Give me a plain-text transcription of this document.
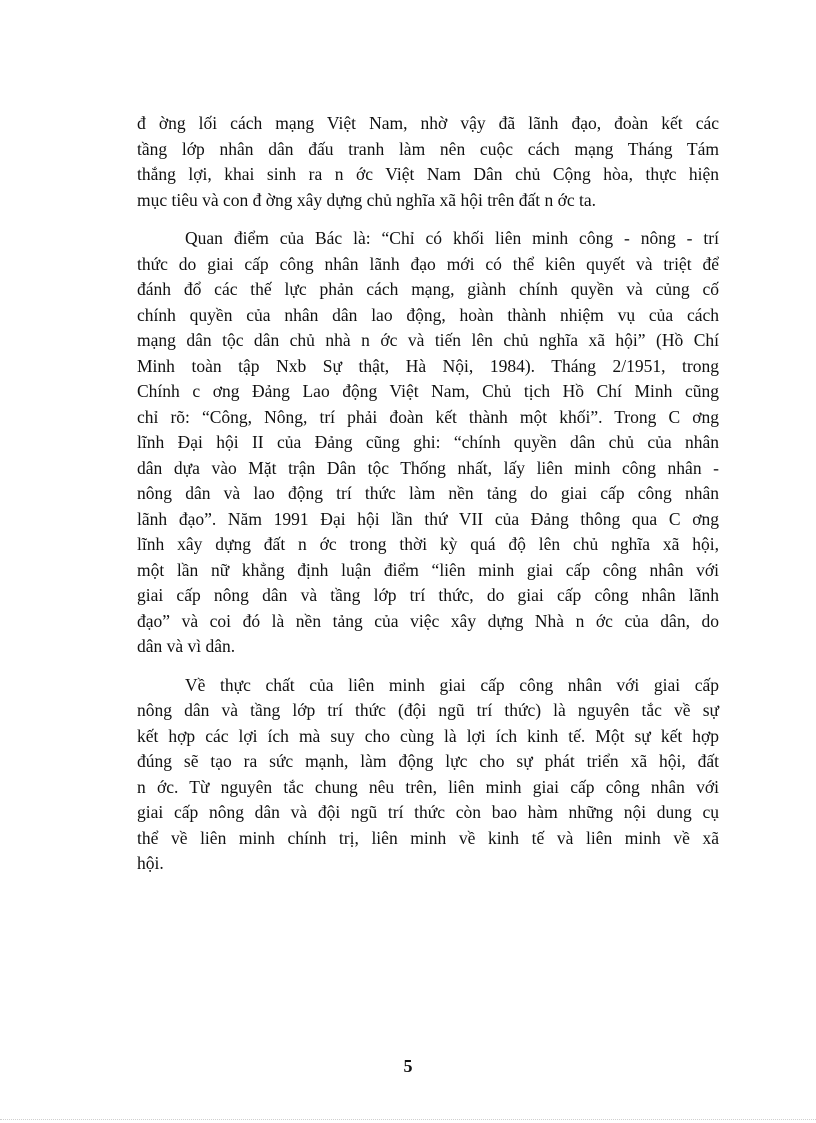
đ ờng lối cách mạng Việt Nam, nhờ vậy đã lãnh đạo, đoàn kết các
tầng lớp nhân dân đấu tranh làm nên cuộc cách mạng Tháng Tám
thắng lợi, khai sinh ra n ớc Việt Nam Dân chủ Cộng hòa, thực hiện
mục tiêu và con đ ờng xây dựng chủ nghĩa xã hội trên đất n ớc ta.
Quan điểm của Bác là: “Chỉ có khối liên minh công - nông - trí
thức do giai cấp công nhân lãnh đạo mới có thể kiên quyết và triệt để
đánh đổ các thế lực phản cách mạng, giành chính quyền và củng cố
chính quyền của nhân dân lao động, hoàn thành nhiệm vụ của cách
mạng dân tộc dân chủ nhà n ớc và tiến lên chủ nghĩa xã hội” (Hồ Chí
Minh toàn tập Nxb Sự thật, Hà Nội, 1984). Tháng 2/1951, trong
Chính c ơng Đảng Lao động Việt Nam, Chủ tịch Hồ Chí Minh cũng
chỉ rõ: “Công, Nông, trí phải đoàn kết thành một khối”. Trong C ơng
lĩnh Đại hội II của Đảng cũng ghi: “chính quyền dân chủ của nhân
dân dựa vào Mặt trận Dân tộc Thống nhất, lấy liên minh công nhân -
nông dân và lao động trí thức làm nền tảng do giai cấp công nhân
lãnh đạo”. Năm 1991 Đại hội lần thứ VII của Đảng thông qua C ơng
lĩnh xây dựng đất n ớc trong thời kỳ quá độ lên chủ nghĩa xã hội,
một lần nữ khẳng định luận điểm “liên minh giai cấp công nhân với
giai cấp nông dân và tầng lớp trí thức, do giai cấp công nhân lãnh
đạo” và coi đó là nền tảng của việc xây dựng Nhà n ớc của dân, do
dân và vì dân.
Về thực chất của liên minh giai cấp công nhân với giai cấp
nông dân và tầng lớp trí thức (đội ngũ trí thức) là nguyên tắc về sự
kết hợp các lợi ích mà suy cho cùng là lợi ích kinh tế. Một sự kết hợp
đúng sẽ tạo ra sức mạnh, làm động lực cho sự phát triển xã hội, đất
n ớc. Từ nguyên tắc chung nêu trên, liên minh giai cấp công nhân với
giai cấp nông dân và đội ngũ trí thức còn bao hàm những nội dung cụ
thể về liên minh chính trị, liên minh về kinh tế và liên minh về xã
hội.
5
